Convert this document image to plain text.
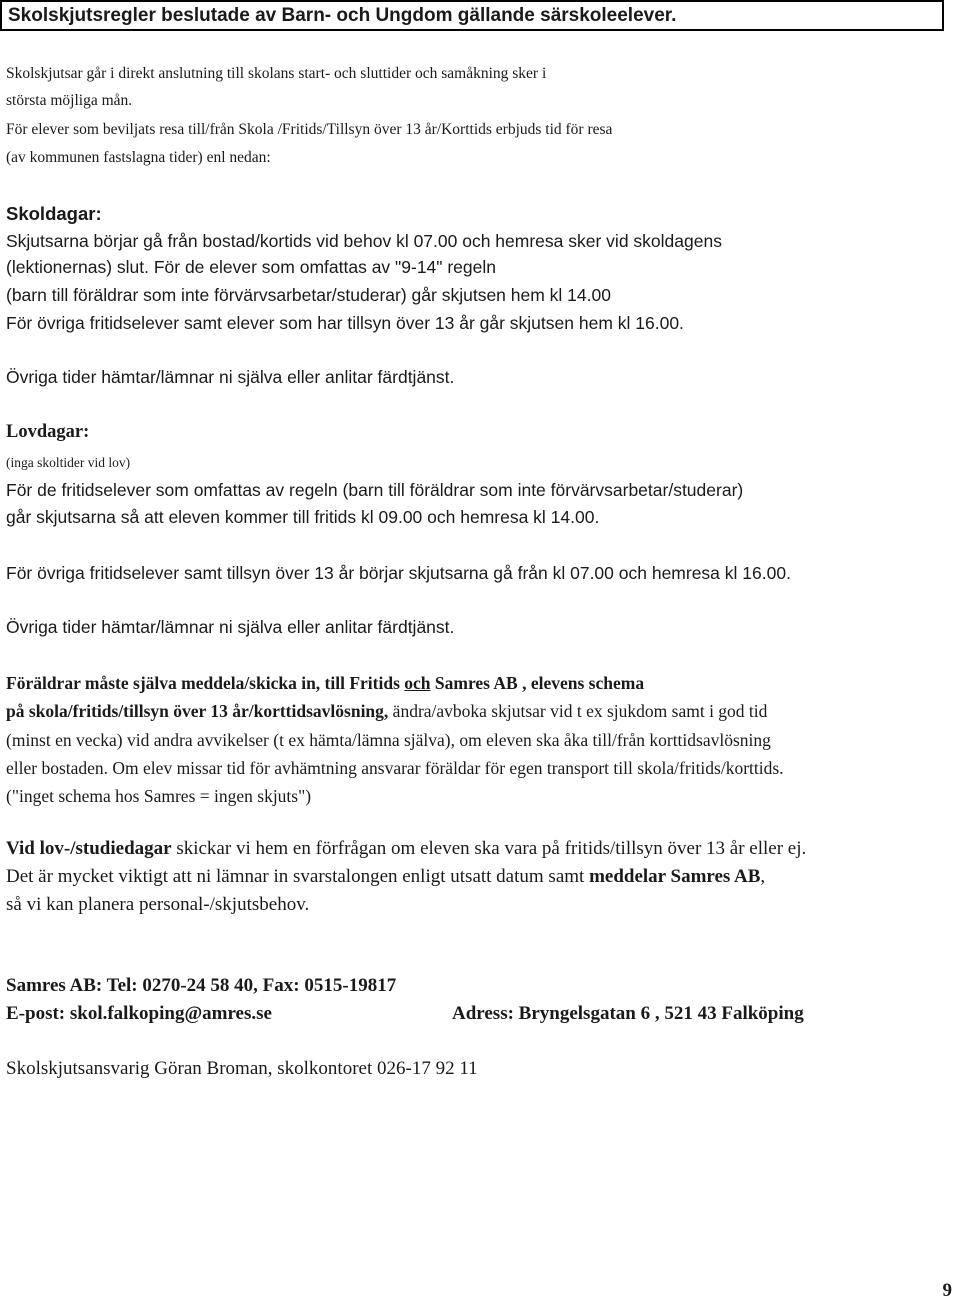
Skolskjutsregler beslutade av Barn- och Ungdom gällande särskoleelever.
Skolskjutsar går i direkt anslutning till skolans start- och sluttider och samåkning sker i
största möjliga mån.
För elever som beviljats resa till/från Skola /Fritids/Tillsyn över 13 år/Korttids erbjuds tid för resa
(av kommunen fastslagna tider) enl nedan:
Skoldagar:
Skjutsarna börjar gå från bostad/kortids vid behov kl 07.00 och hemresa sker vid skoldagens
(lektionernas) slut. För de elever som omfattas av "9-14" regeln
(barn till föräldrar som inte förvärvsarbetar/studerar) går skjutsen hem kl 14.00
För övriga fritidselever samt elever som har tillsyn över 13 år går skjutsen hem kl 16.00.
Övriga tider hämtar/lämnar ni själva eller anlitar färdtjänst.
Lovdagar:
(inga skoltider vid lov)
För de fritidselever som omfattas av regeln (barn till föräldrar som inte förvärvsarbetar/studerar)
går skjutsarna så att eleven kommer till fritids kl 09.00 och hemresa kl 14.00.
För övriga fritidselever samt tillsyn över 13 år börjar skjutsarna gå från kl 07.00 och hemresa kl 16.00.
Övriga tider hämtar/lämnar ni själva eller anlitar färdtjänst.
Föräldrar måste själva meddela/skicka in, till Fritids och Samres AB , elevens schema
på skola/fritids/tillsyn över 13 år/korttidsavlösning, ändra/avboka skjutsar vid t ex sjukdom samt i god tid
(minst en vecka) vid andra avvikelser (t ex hämta/lämna själva), om eleven ska åka till/från korttidsavlösning
eller bostaden. Om elev missar tid för avhämtning ansvarar föräldar för egen transport till skola/fritids/korttids.
("inget schema hos Samres = ingen skjuts")
Vid lov-/studiedagar skickar vi hem en förfrågan om eleven ska vara på fritids/tillsyn över 13 år eller ej.
Det är mycket viktigt att ni lämnar in svarstalongen enligt utsatt datum samt meddelar Samres AB,
så vi kan planera personal-/skjutsbehov.
Samres AB: Tel: 0270-24 58 40, Fax: 0515-19817
E-post: skol.falkoping@amres.se	Adress: Bryngelsgatan 6 , 521 43 Falköping
Skolskjutsansvarig Göran Broman, skolkontoret 026-17 92 11
9
